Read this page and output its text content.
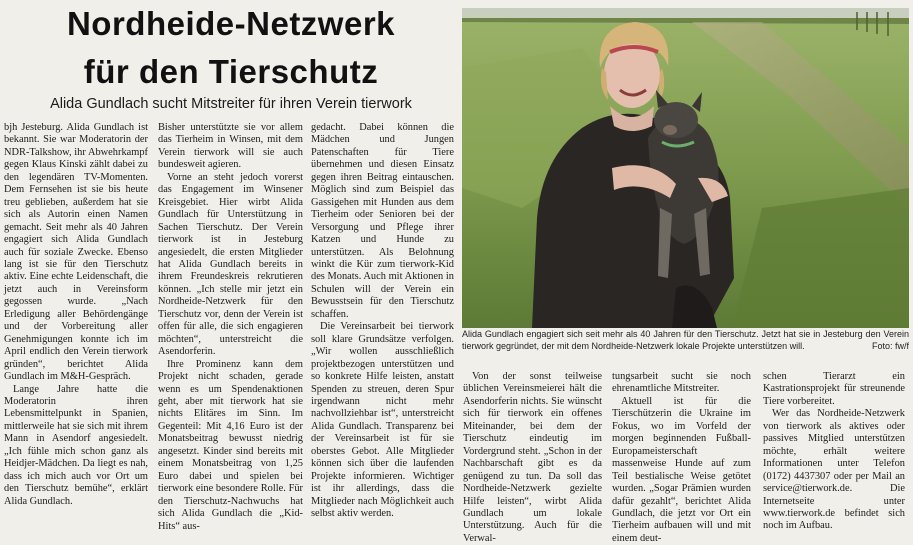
Nordheide-Netzwerk
für den Tierschutz
Alida Gundlach sucht Mitstreiter für ihren Verein tierwork

bjh Jesteburg. Alida Gundlach ist bekannt. Sie war Moderatorin der NDR-Talkshow, ihr Abwehrkampf gegen Klaus Kinski zählt dabei zu den legendären TV-Momenten. Dem Fernsehen ist sie bis heute treu geblieben, außerdem hat sie sich als Autorin einen Namen gemacht. Seit mehr als 40 Jahren engagiert sich Alida Gundlach auch für soziale Zwecke. Ebenso lang ist sie für den Tierschutz aktiv. Eine echte Leidenschaft, die jetzt auch in Vereinsform gegossen wurde. „Nach Erledigung aller Behördengänge und der Vorbereitung aller Genehmigungen konnte ich im April endlich den Verein tierwork gründen“, berichtet Alida Gundlach im M&H-Gespräch.

Lange Jahre hatte die Moderatorin ihren Lebensmittelpunkt in Spanien, mittlerweile hat sie sich mit ihrem Mann in Asendorf angesiedelt. „Ich fühle mich schon ganz als Heidjer-Mädchen. Da liegt es nah, dass ich mich auch vor Ort um den Tierschutz bemühe“, erklärt Alida Gundlach.

Bisher unterstützte sie vor allem das Tierheim in Winsen, mit dem Verein tierwork will sie auch bundesweit agieren.

Vorne an steht jedoch vorerst das Engagement im Winsener Kreisgebiet. Hier wirbt Alida Gundlach für Unterstützung in Sachen Tierschutz. Der Verein tierwork ist in Jesteburg angesiedelt, die ersten Mitglieder hat Alida Gundlach bereits in ihrem Freundeskreis rekrutieren können. „Ich stelle mir jetzt ein Nordheide-Netzwerk für den Tierschutz vor, denn der Verein ist offen für alle, die sich engagieren möchten“, unterstreicht die Asendorferin.

Ihre Prominenz kann dem Projekt nicht schaden, gerade wenn es um Spendenaktionen geht, aber mit tierwork hat sie nichts Elitäres im Sinn. Im Gegenteil: Mit 4,16 Euro ist der Monatsbeitrag bewusst niedrig angesetzt. Kinder sind bereits mit einem Monatsbeitrag von 1,25 Euro dabei und spielen bei tierwork eine besondere Rolle. Für den Tierschutz-Nachwuchs hat sich Alida Gundlach die „Kid-Hits“ aus-

gedacht. Dabei können die Mädchen und Jungen Patenschaften für Tiere übernehmen und diesen Einsatz gegen ihren Beitrag eintauschen. Möglich sind zum Beispiel das Gassigehen mit Hunden aus dem Tierheim oder Senioren bei der Versorgung und Pflege ihrer Katzen und Hunde zu unterstützen. Als Belohnung winkt die Kür zum tierwork-Kid des Monats. Auch mit Aktionen in Schulen will der Verein ein Bewusstsein für den Tierschutz schaffen.

Die Vereinsarbeit bei tierwork soll klare Grundsätze verfolgen. „Wir wollen ausschließlich projektbezogen unterstützen und so konkrete Hilfe leisten, anstatt Spenden zu streuen, deren Spur irgendwann nicht mehr nachvollziehbar ist“, unterstreicht Alida Gundlach. Transparenz bei der Vereinsarbeit ist für sie oberstes Gebot. Alle Mitglieder können sich über die laufenden Projekte informieren. Wichtiger ist ihr allerdings, dass die Mitglieder nach Möglichkeit auch selbst aktiv werden.

Alida Gundlach engagiert sich seit mehr als 40 Jahren für den Tierschutz. Jetzt hat sie in Jesteburg den Verein tierwork gegründet, der mit dem Nordheide-Netzwerk lokale Projekte unterstützen will.	Foto: fw/f

Von der sonst teilweise üblichen Vereinsmeierei hält die Asendorferin nichts. Sie wünscht sich für tierwork ein offenes Miteinander, bei dem der Tierschutz eindeutig im Vordergrund steht. „Schon in der Nachbarschaft gibt es da genügend zu tun. Da soll das Nordheide-Netzwerk gezielte Hilfe leisten“, wirbt Alida Gundlach um lokale Unterstützung. Auch für die Verwal-

tungsarbeit sucht sie noch ehrenamtliche Mitstreiter.

Aktuell ist für die Tierschützerin die Ukraine im Fokus, wo im Vorfeld der morgen beginnenden Fußball-Europameisterschaft massenweise Hunde auf zum Teil bestialische Weise getötet wurden. „Sogar Prämien wurden dafür gezahlt“, berichtet Alida Gundlach, die jetzt vor Ort ein Tierheim aufbauen will und mit einem deut-

schen Tierarzt ein Kastrationsprojekt für streunende Tiere vorbereitet.

Wer das Nordheide-Netzwerk von tierwork als aktives oder passives Mitglied unterstützen möchte, erhält weitere Informationen unter Telefon (0172) 4437307 oder per Mail an service@tierwork.de. Die Internetseite unter www.tierwork.de befindet sich noch im Aufbau.
